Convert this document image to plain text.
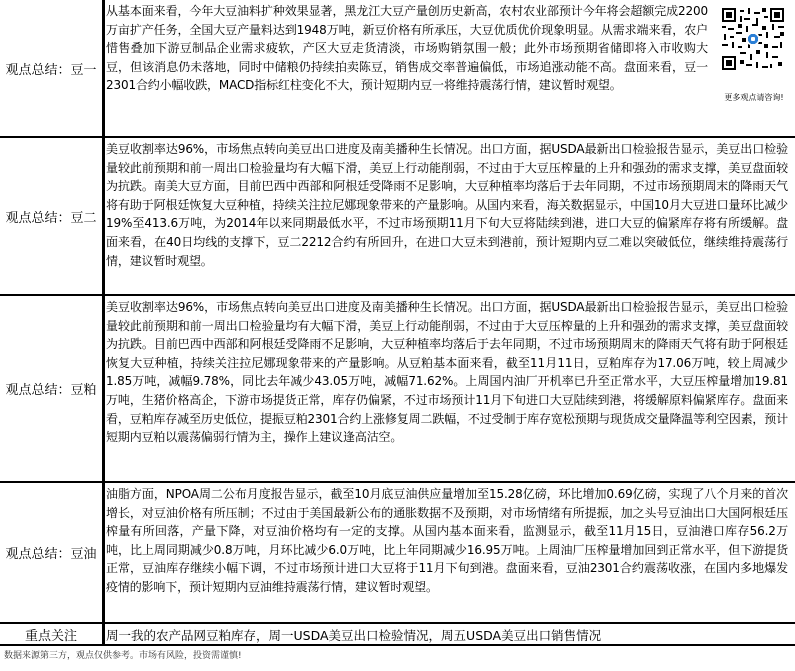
观点总结：豆一
从基本面来看，今年大豆油料扩种效果显著，黑龙江大豆产量创历史新高，农村农业部预计今年将会超额完成2200万亩扩产任务，全国大豆产量料达到1948万吨，新豆价格有所承压，大豆优质优价现象明显。从需求端来看，农户惜售叠加下游豆制品企业需求疲软，产区大豆走货清淡，市场购销氛围一般；此外市场预期省储即将入市收购大豆，但该消息仍未落地，同时中储粮仍持续拍卖陈豆，销售成交率普遍偏低，市场追涨动能不高。盘面来看，豆一2301合约小幅收跌，MACD指标红柱变化不大，预计短期内豆一将维持震荡行情，建议暂时观望。
更多观点请咨询!
观点总结：豆二
美豆收割率达96%，市场焦点转向美豆出口进度及南美播种生长情况。出口方面，据USDA最新出口检验报告显示，美豆出口检验量较此前预期和前一周出口检验量均有大幅下滑，美豆上行动能削弱，不过由于大豆压榨量的上升和强劲的需求支撑，美豆盘面较为抗跌。南美大豆方面，目前巴西中西部和阿根廷受降雨不足影响，大豆种植率均落后于去年同期，不过市场预期周末的降雨天气将有助于阿根廷恢复大豆种植，持续关注拉尼娜现象带来的产量影响。从国内来看，海关数据显示，中国10月大豆进口量环比减少19%至413.6万吨，为2014年以来同期最低水平，不过市场预期11月下旬大豆将陆续到港，进口大豆的偏紧库存将有所缓解。盘面来看，在40日均线的支撑下，豆二2212合约有所回升，在进口大豆未到港前，预计短期内豆二难以突破低位，继续维持震荡行情，建议暂时观望。
观点总结：豆粕
美豆收割率达96%，市场焦点转向美豆出口进度及南美播种生长情况。出口方面，据USDA最新出口检验报告显示，美豆出口检验量较此前预期和前一周出口检验量均有大幅下滑，美豆上行动能削弱，不过由于大豆压榨量的上升和强劲的需求支撑，美豆盘面较为抗跌。目前巴西中西部和阿根廷受降雨不足影响，大豆种植率均落后于去年同期，不过市场预期周末的降雨天气将有助于阿根廷恢复大豆种植，持续关注拉尼娜现象带来的产量影响。从豆粕基本面来看，截至11月11日，豆粕库存为17.06万吨，较上周减少1.85万吨，减幅9.78%，同比去年减少43.05万吨，减幅71.62%。上周国内油厂开机率已升至正常水平，大豆压榨量增加19.81万吨，生猪价格高企，下游市场提货正常，库存仍偏紧，不过市场预计11月下旬进口大豆陆续到港，将缓解原料偏紧库存。盘面来看，豆粕库存减至历史低位，提振豆粕2301合约上涨修复周二跌幅，不过受制于库存宽松预期与现货成交量降温等利空因素，预计短期内豆粕以震荡偏弱行情为主，操作上建议逢高沽空。
观点总结：豆油
油脂方面，NPOA周二公布月度报告显示，截至10月底豆油供应量增加至15.28亿磅，环比增加0.69亿磅，实现了八个月来的首次增长，对豆油价格有所压制；不过由于美国最新公布的通胀数据不及预期，对市场情绪有所提振，加之头号豆油出口大国阿根廷压榨量有所回落，产量下降，对豆油价格均有一定的支撑。从国内基本面来看，监测显示，截至11月15日，豆油港口库存56.2万吨，比上周同期减少0.8万吨，月环比减少6.0万吨，比上年同期减少16.95万吨。上周油厂压榨量增加回到正常水平，但下游提货正常，豆油库存继续小幅下调，不过市场预计进口大豆将于11月下旬到港。盘面来看，豆油2301合约震荡收涨，在国内多地爆发疫情的影响下，预计短期内豆油维持震荡行情，建议暂时观望。
重点关注	周一我的农产品网豆粕库存，周一USDA美豆出口检验情况，周五USDA美豆出口销售情况
数据来源第三方，观点仅供参考。市场有风险，投资需谨慎!
